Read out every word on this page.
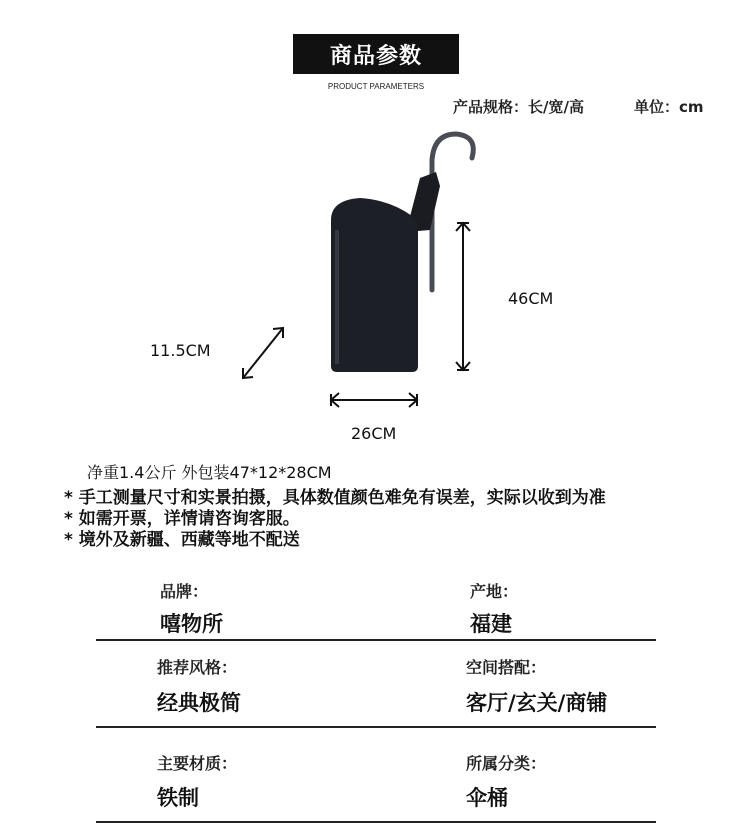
商品参数
PRODUCT PARAMETERS
产品规格：长/宽/高	单位：cm
46CM
26CM
11.5CM
净重1.4公斤 外包装47*12*28CM
* 手工测量尺寸和实景拍摄，具体数值颜色难免有误差，实际以收到为准
* 如需开票，详情请咨询客服。
* 境外及新疆、西藏等地不配送
品牌：
嘻物所
产地：
福建
推荐风格：
经典极简
空间搭配：
客厅/玄关/商铺
主要材质：
铁制
所属分类：
伞桶
